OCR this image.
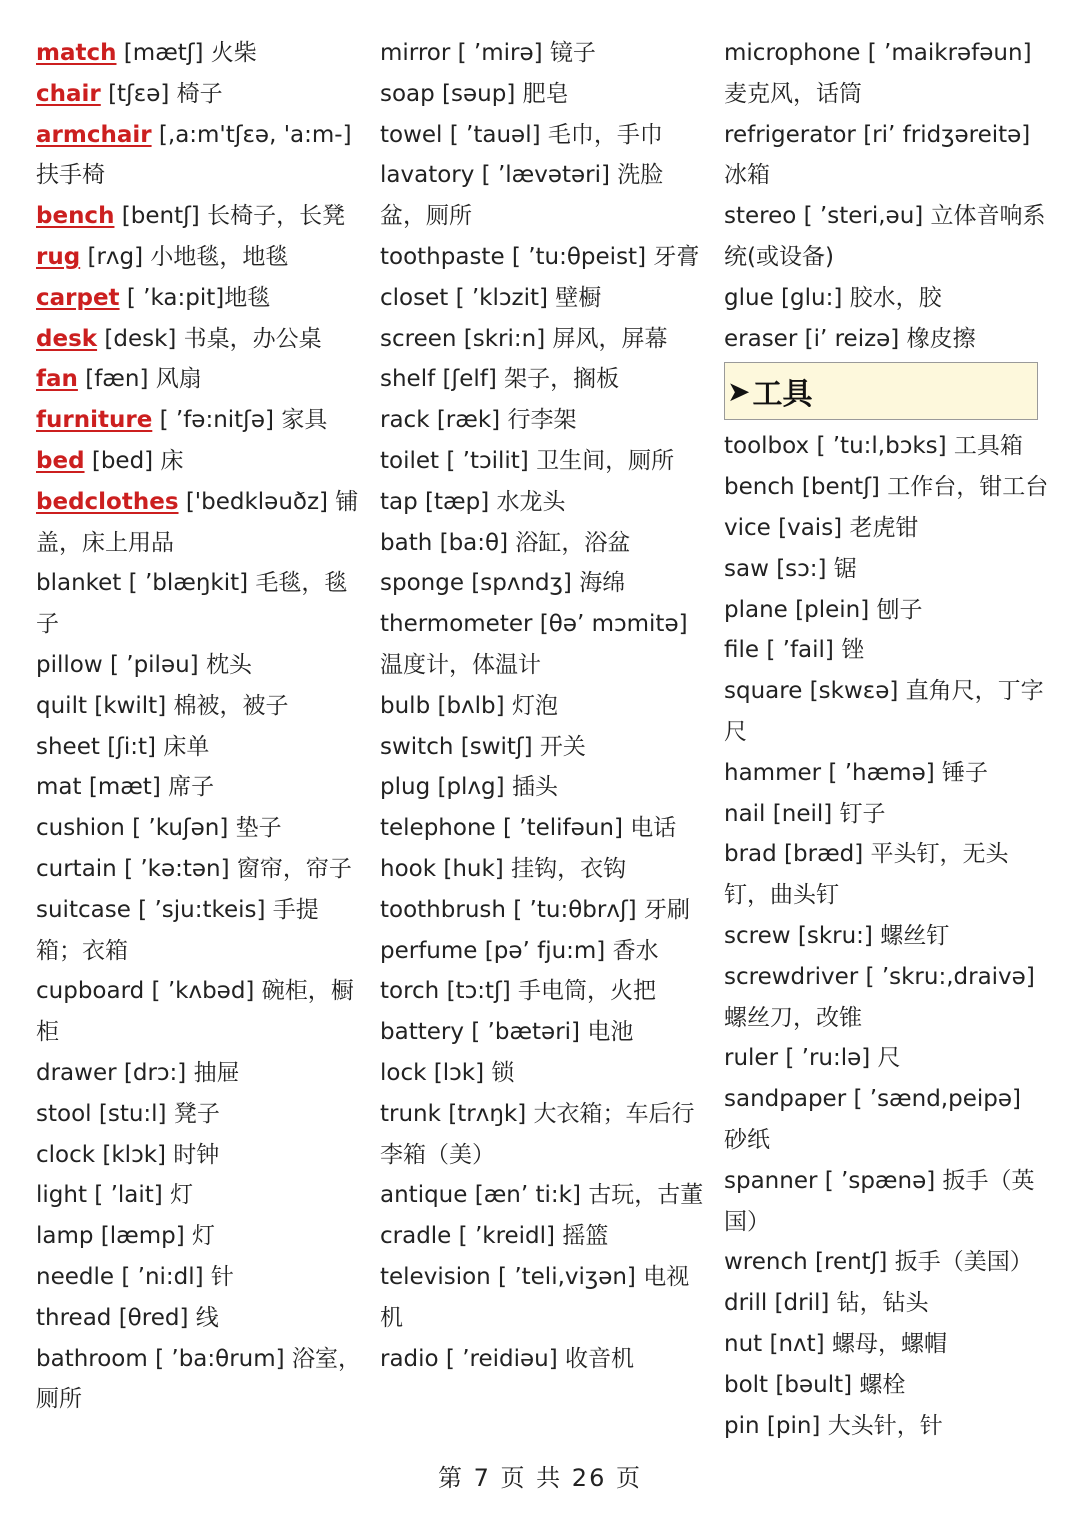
match [mætʃ] 火柴
chair [tʃɛə] 椅子
armchair [,a:m'tʃɛə, 'a:m-] 扶手椅
bench [bentʃ] 长椅子，长凳
rug [rʌg] 小地毯，地毯
carpet [ ’ka:pit]地毯
desk [desk] 书桌，办公桌
fan [fæn] 风扇
furniture [ ’fə:nitʃə] 家具
bed [bed] 床
bedclothes ['bedkləuðz] 铺盖，床上用品
blanket [ ’blæŋkit] 毛毯，毯子
pillow [ ’piləu] 枕头
quilt [kwilt] 棉被，被子
sheet [ʃi:t] 床单
mat [mæt] 席子
cushion [ ’kuʃən] 垫子
curtain [ ’kə:tən] 窗帘，帘子
suitcase [ ’sju:tkeis] 手提箱；衣箱
cupboard [ ’kʌbəd] 碗柜，橱柜
drawer [drɔ:] 抽屉
stool [stu:l] 凳子
clock [klɔk] 时钟
light [ ’lait] 灯
lamp [læmp] 灯
needle [ ’ni:dl] 针
thread [θred] 线
bathroom [ ’ba:θrum] 浴室，厕所
mirror [ ’mirə] 镜子
soap [səup] 肥皂
towel [ ’tauəl] 毛巾，手巾
lavatory [ ’lævətəri] 洗脸盆，厕所
toothpaste [ ’tu:θpeist] 牙膏
closet [ ’klɔzit] 壁橱
screen [skri:n] 屏风，屏幕
shelf [ʃelf] 架子，搁板
rack [ræk] 行李架
toilet [ ’tɔilit] 卫生间，厕所
tap [tæp] 水龙头
bath [ba:θ] 浴缸，浴盆
sponge [spʌndʒ] 海绵
thermometer [θə’ mɔmitə] 温度计，体温计
bulb [bʌlb] 灯泡
switch [switʃ] 开关
plug [plʌg] 插头
telephone [ ’telifəun] 电话
hook [huk] 挂钩，衣钩
toothbrush [ ’tu:θbrʌʃ] 牙刷
perfume [pə’ fju:m] 香水
torch [tɔ:tʃ] 手电筒，火把
battery [ ’bætəri] 电池
lock [lɔk] 锁
trunk [trʌŋk] 大衣箱；车后行李箱（美）
antique [æn’ ti:k] 古玩，古董
cradle [ ’kreidl] 摇篮
television [ ’teli,viʒən] 电视机
radio [ ’reidiəu] 收音机
microphone [ ’maikrəfəun] 麦克风，话筒
refrigerator [ri’ fridʒəreitə] 冰箱
stereo [ ’steri,əu] 立体音响系统(或设备)
glue [glu:] 胶水，胶
eraser [i’ reizə] 橡皮擦
➤ 工具
toolbox [ ’tu:l,bɔks] 工具箱
bench [bentʃ] 工作台，钳工台
vice [vais] 老虎钳
saw [sɔ:] 锯
plane [plein] 刨子
file [ ’fail] 锉
square [skwɛə] 直角尺，丁字尺
hammer [ ’hæmə] 锤子
nail [neil] 钉子
brad [bræd] 平头钉，无头钉，曲头钉
screw [skru:] 螺丝钉
screwdriver [ ’skru:,draivə] 螺丝刀，改锥
ruler [ ’ru:lə] 尺
sandpaper [ ’sænd,peipə] 砂纸
spanner [ ’spænə] 扳手（英国）
wrench [rentʃ] 扳手（美国）
drill [dril] 钻，钻头
nut [nʌt] 螺母，螺帽
bolt [bəult] 螺栓
pin [pin] 大头针，针
第 7 页 共 26 页
